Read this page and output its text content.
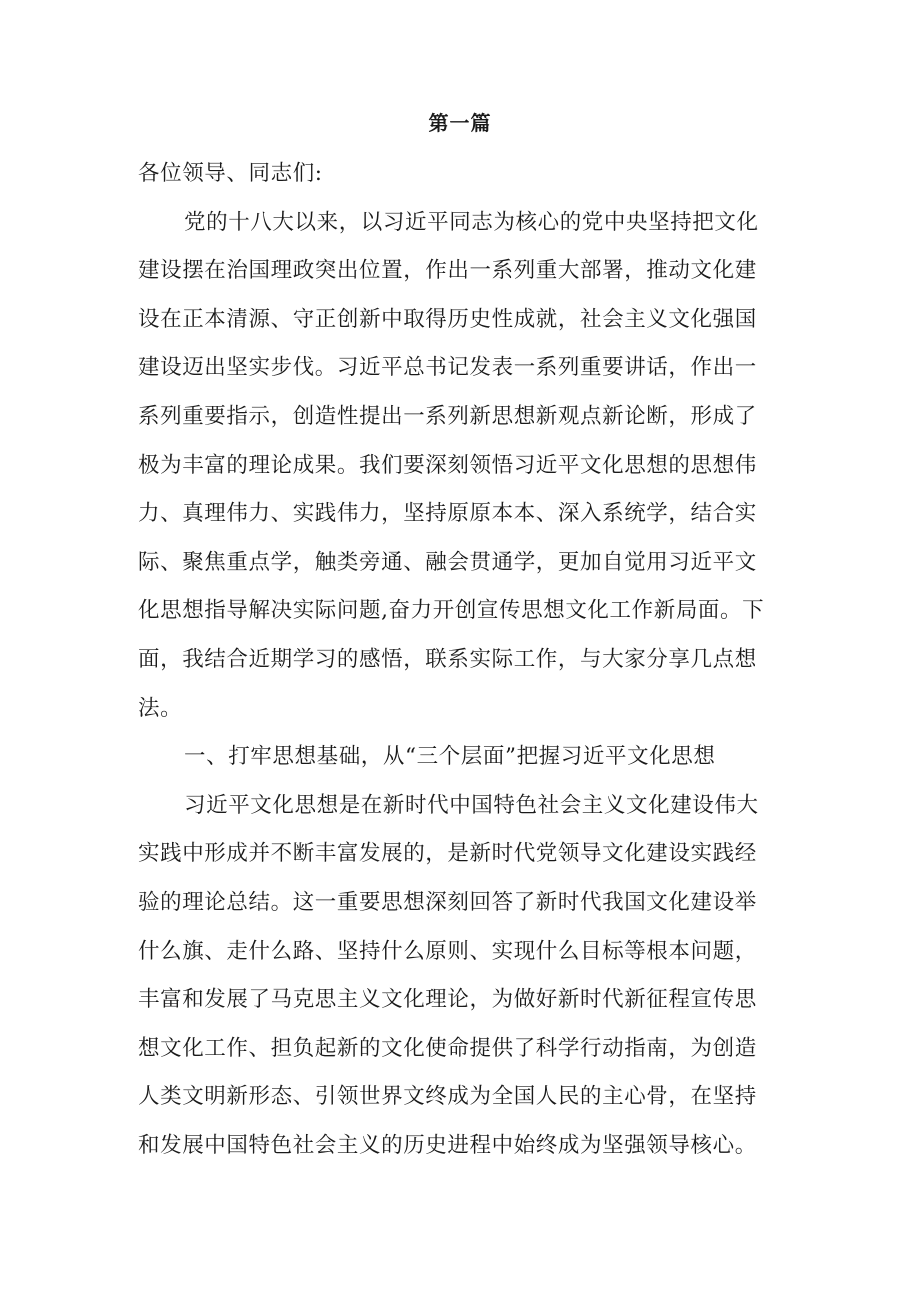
第一篇
各位领导、同志们:
党的十八大以来，以习近平同志为核心的党中央坚持把文化
建设摆在治国理政突出位置，作出一系列重大部署，推动文化建
设在正本清源、守正创新中取得历史性成就，社会主义文化强国
建设迈出坚实步伐。习近平总书记发表一系列重要讲话，作出一
系列重要指示，创造性提出一系列新思想新观点新论断，形成了
极为丰富的理论成果。我们要深刻领悟习近平文化思想的思想伟
力、真理伟力、实践伟力，坚持原原本本、深入系统学，结合实
际、聚焦重点学，触类旁通、融会贯通学，更加自觉用习近平文
化思想指导解决实际问题,奋力开创宣传思想文化工作新局面。下
面，我结合近期学习的感悟，联系实际工作，与大家分享几点想
法。
一、打牢思想基础，从“三个层面”把握习近平文化思想
习近平文化思想是在新时代中国特色社会主义文化建设伟大
实践中形成并不断丰富发展的，是新时代党领导文化建设实践经
验的理论总结。这一重要思想深刻回答了新时代我国文化建设举
什么旗、走什么路、坚持什么原则、实现什么目标等根本问题，
丰富和发展了马克思主义文化理论，为做好新时代新征程宣传思
想文化工作、担负起新的文化使命提供了科学行动指南，为创造
人类文明新形态、引领世界文终成为全国人民的主心骨，在坚持
和发展中国特色社会主义的历史进程中始终成为坚强领导核心。
